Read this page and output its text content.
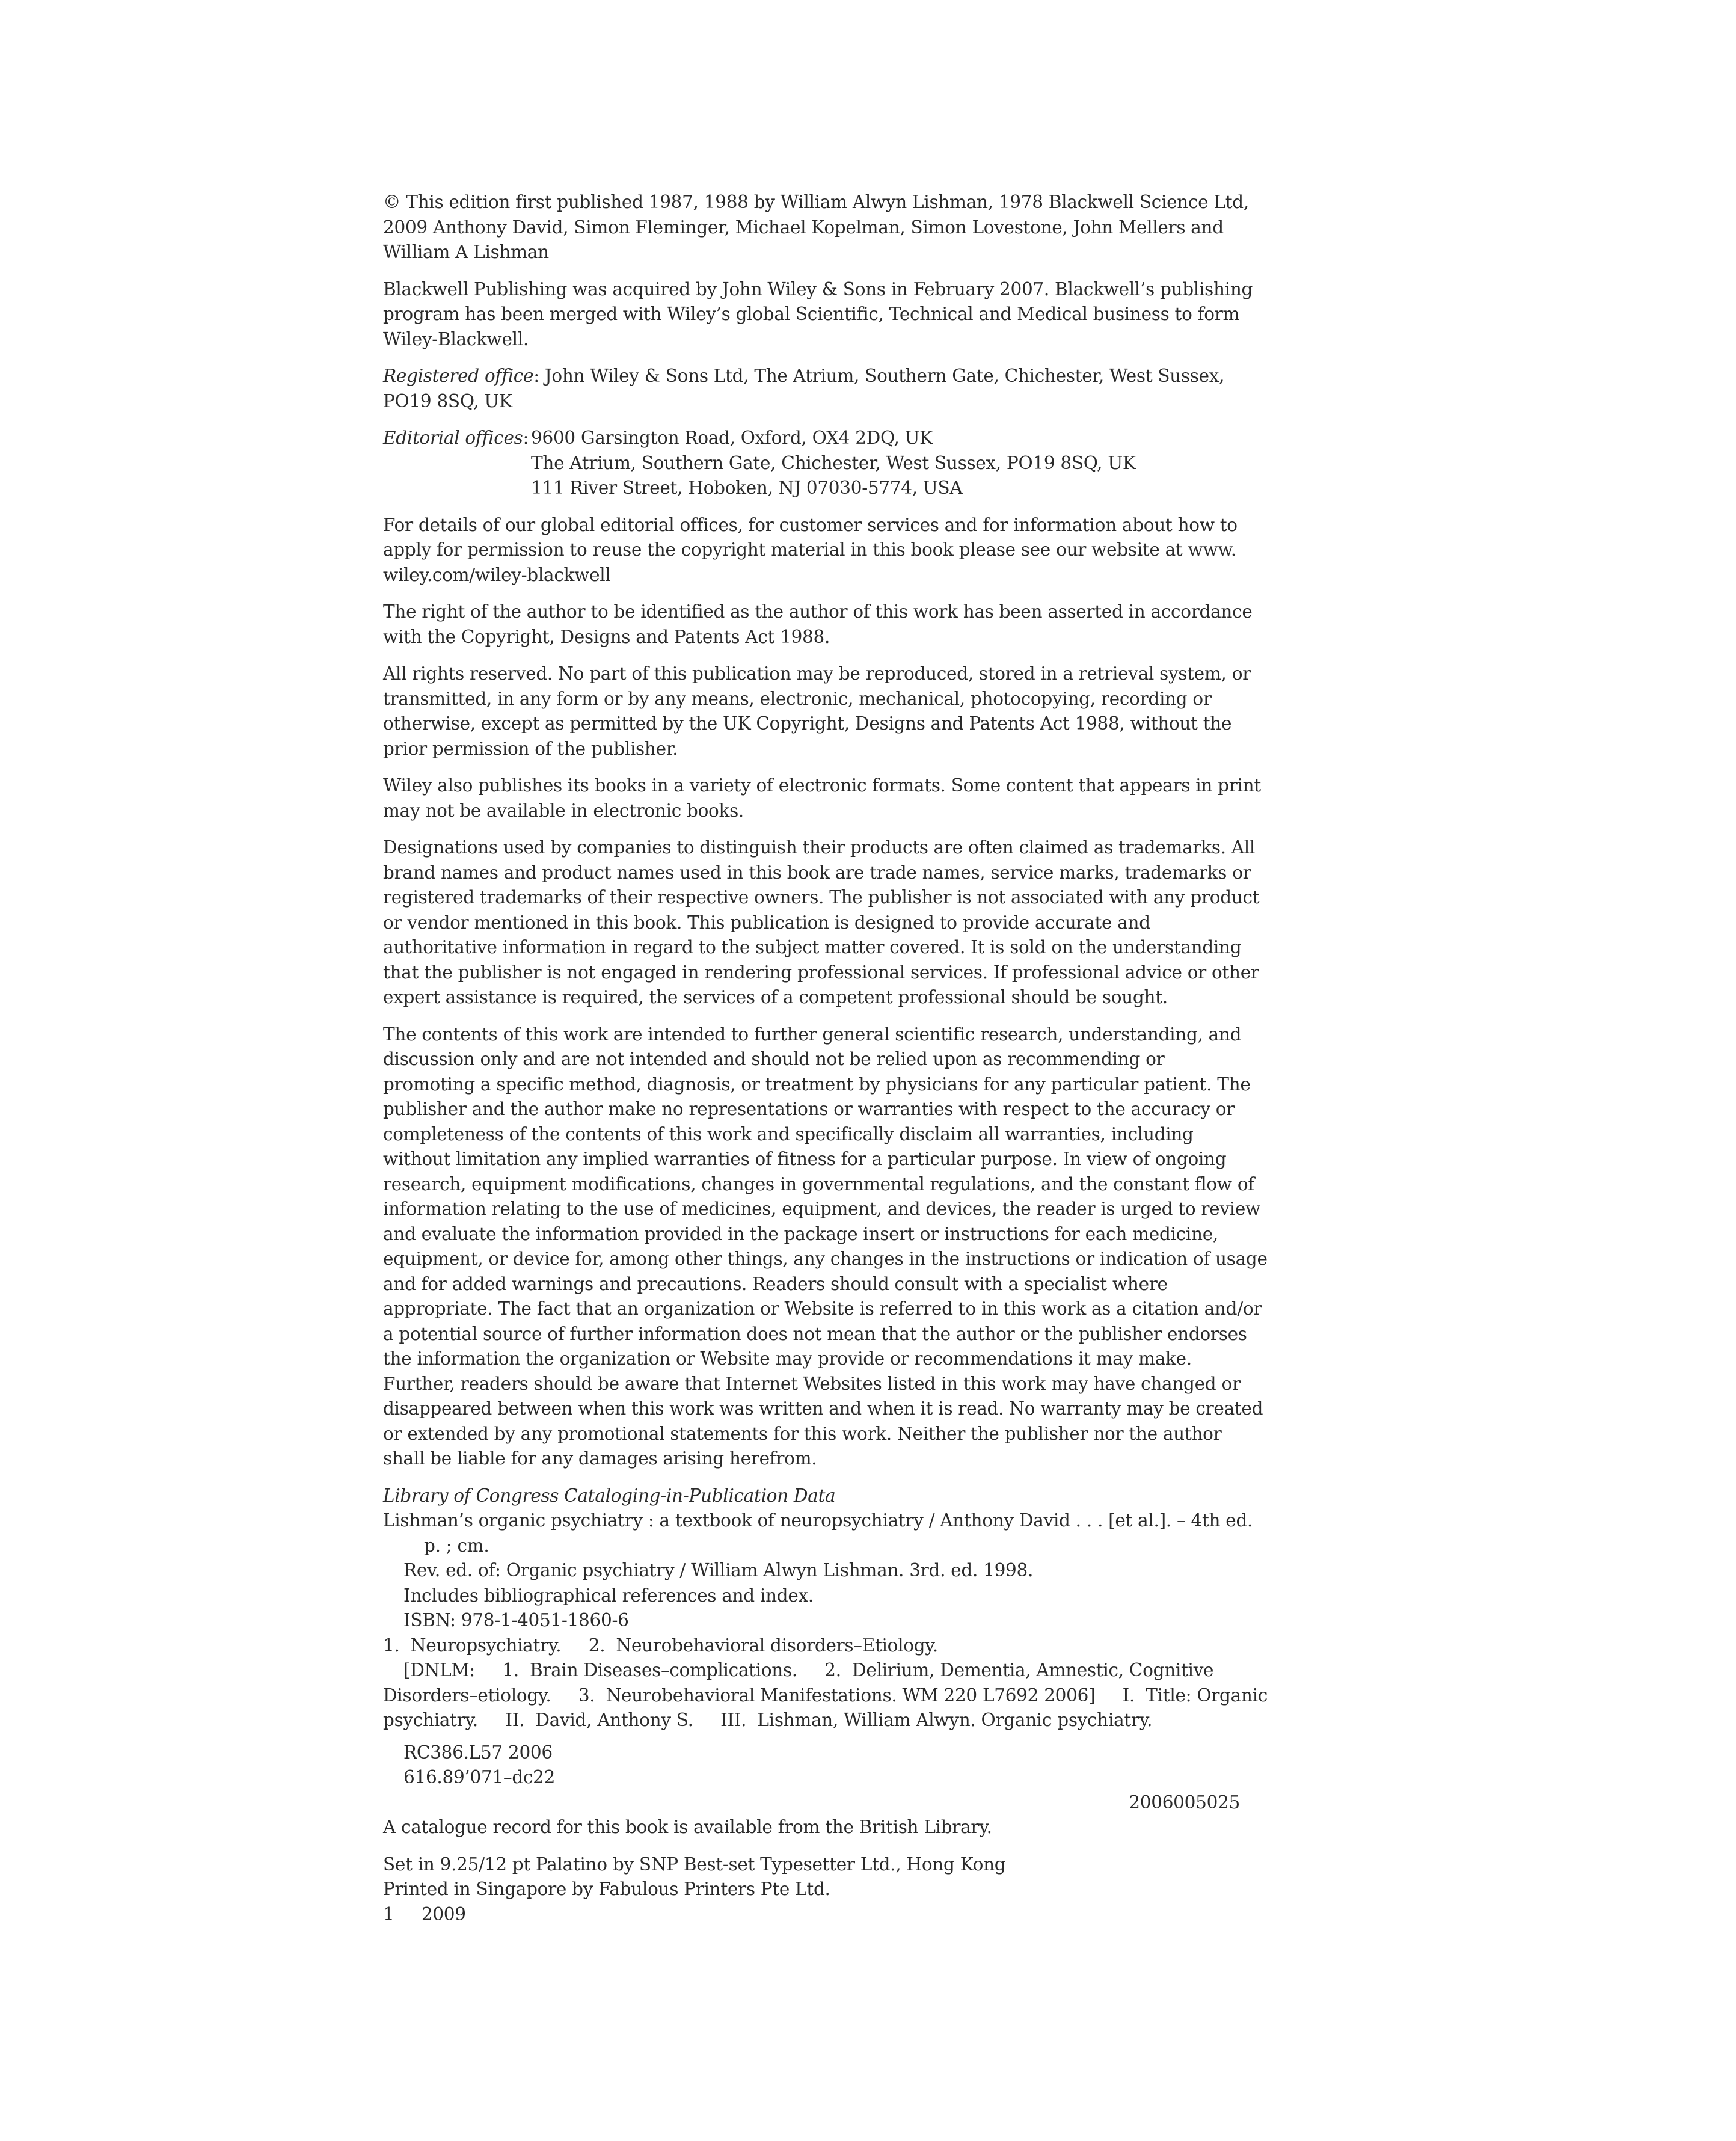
© This edition first published 1987, 1988 by William Alwyn Lishman, 1978 Blackwell Science Ltd,
2009 Anthony David, Simon Fleminger, Michael Kopelman, Simon Lovestone, John Mellers and
William A Lishman

Blackwell Publishing was acquired by John Wiley & Sons in February 2007. Blackwell’s publishing
program has been merged with Wiley’s global Scientific, Technical and Medical business to form
Wiley-Blackwell.

Registered office: John Wiley & Sons Ltd, The Atrium, Southern Gate, Chichester, West Sussex,
PO19 8SQ, UK

Editorial offices: 9600 Garsington Road, Oxford, OX4 2DQ, UK
The Atrium, Southern Gate, Chichester, West Sussex, PO19 8SQ, UK
111 River Street, Hoboken, NJ 07030-5774, USA

For details of our global editorial offices, for customer services and for information about how to
apply for permission to reuse the copyright material in this book please see our website at www.
wiley.com/wiley-blackwell

The right of the author to be identified as the author of this work has been asserted in accordance
with the Copyright, Designs and Patents Act 1988.

All rights reserved. No part of this publication may be reproduced, stored in a retrieval system, or
transmitted, in any form or by any means, electronic, mechanical, photocopying, recording or
otherwise, except as permitted by the UK Copyright, Designs and Patents Act 1988, without the
prior permission of the publisher.

Wiley also publishes its books in a variety of electronic formats. Some content that appears in print
may not be available in electronic books.

Designations used by companies to distinguish their products are often claimed as trademarks. All
brand names and product names used in this book are trade names, service marks, trademarks or
registered trademarks of their respective owners. The publisher is not associated with any product
or vendor mentioned in this book. This publication is designed to provide accurate and
authoritative information in regard to the subject matter covered. It is sold on the understanding
that the publisher is not engaged in rendering professional services. If professional advice or other
expert assistance is required, the services of a competent professional should be sought.

The contents of this work are intended to further general scientific research, understanding, and
discussion only and are not intended and should not be relied upon as recommending or
promoting a specific method, diagnosis, or treatment by physicians for any particular patient. The
publisher and the author make no representations or warranties with respect to the accuracy or
completeness of the contents of this work and specifically disclaim all warranties, including
without limitation any implied warranties of fitness for a particular purpose. In view of ongoing
research, equipment modifications, changes in governmental regulations, and the constant flow of
information relating to the use of medicines, equipment, and devices, the reader is urged to review
and evaluate the information provided in the package insert or instructions for each medicine,
equipment, or device for, among other things, any changes in the instructions or indication of usage
and for added warnings and precautions. Readers should consult with a specialist where
appropriate. The fact that an organization or Website is referred to in this work as a citation and/or
a potential source of further information does not mean that the author or the publisher endorses
the information the organization or Website may provide or recommendations it may make.
Further, readers should be aware that Internet Websites listed in this work may have changed or
disappeared between when this work was written and when it is read. No warranty may be created
or extended by any promotional statements for this work. Neither the publisher nor the author
shall be liable for any damages arising herefrom.

Library of Congress Cataloging-in-Publication Data
Lishman’s organic psychiatry : a textbook of neuropsychiatry / Anthony David . . . [et al.]. – 4th ed.
p. ; cm.
Rev. ed. of: Organic psychiatry / William Alwyn Lishman. 3rd. ed. 1998.
Includes bibliographical references and index.
ISBN: 978-1-4051-1860-6
1.  Neuropsychiatry.     2.  Neurobehavioral disorders–Etiology.
[DNLM:     1.  Brain Diseases–complications.     2.  Delirium, Dementia, Amnestic, Cognitive
Disorders–etiology.     3.  Neurobehavioral Manifestations. WM 220 L7692 2006]     I.  Title: Organic
psychiatry.     II.  David, Anthony S.     III.  Lishman, William Alwyn. Organic psychiatry.
RC386.L57 2006
616.89’071–dc22
2006005025

A catalogue record for this book is available from the British Library.

Set in 9.25/12 pt Palatino by SNP Best-set Typesetter Ltd., Hong Kong
Printed in Singapore by Fabulous Printers Pte Ltd.
1     2009
